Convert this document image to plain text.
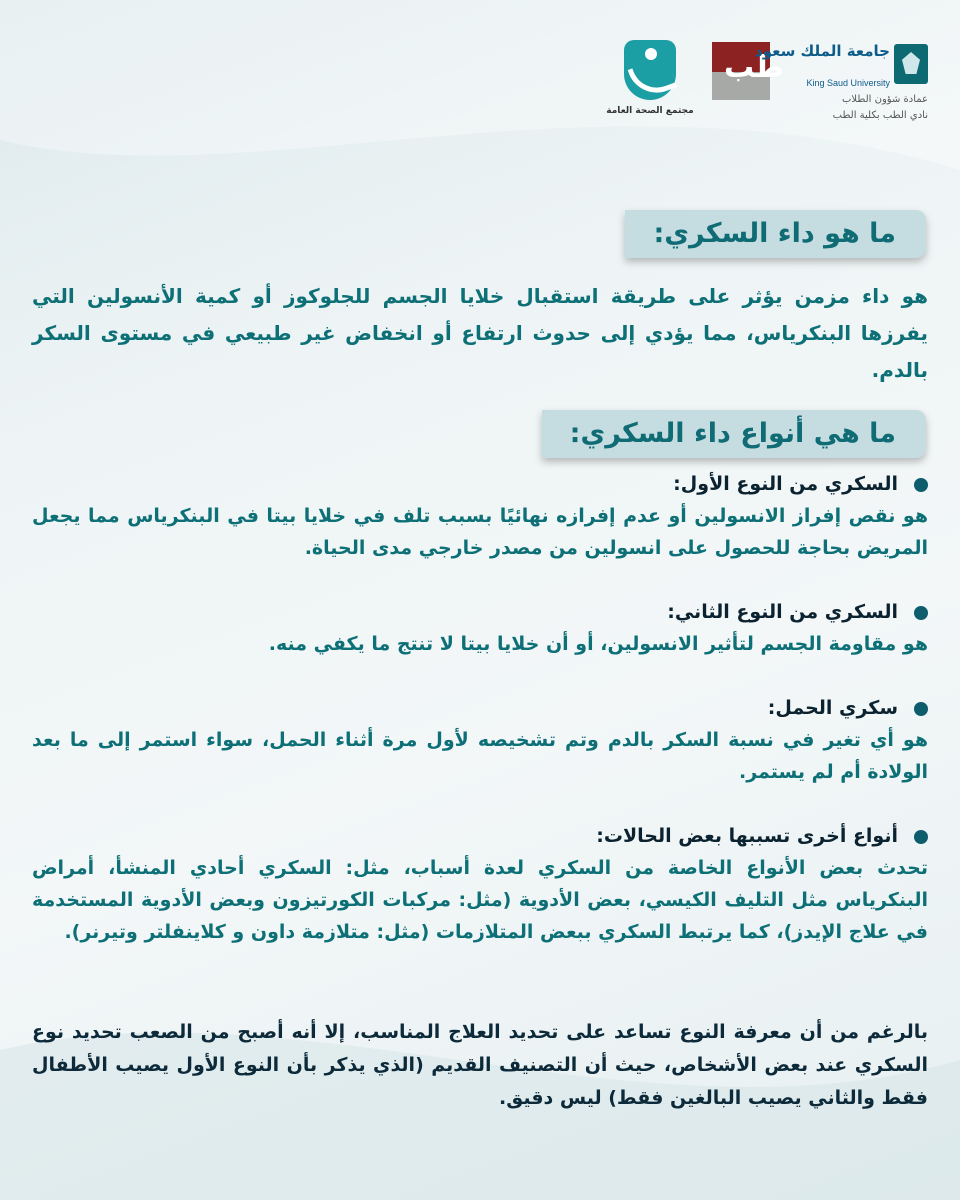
مجتمع الصحة العامة
طب
جامعة الملك سعود
King Saud University
عمادة شؤون الطلاب
نادي الطب بكلية الطب
ما هو داء السكري:
هو داء مزمن يؤثر على طريقة استقبال خلايا الجسم للجلوكوز أو كمية الأنسولين التي يفرزها البنكرياس، مما يؤدي إلى حدوث ارتفاع أو انخفاض غير طبيعي في مستوى السكر بالدم.
ما هي أنواع داء السكري:
السكري من النوع الأول:
هو نقص إفراز الانسولين أو عدم إفرازه نهائيًا بسبب تلف في خلايا بيتا في البنكرياس مما يجعل المريض بحاجة للحصول على انسولين من مصدر خارجي مدى الحياة.
السكري من النوع الثاني:
هو مقاومة الجسم لتأثير الانسولين، أو أن خلايا بيتا لا تنتج ما يكفي منه.
سكري الحمل:
هو أي تغير في نسبة السكر بالدم وتم تشخيصه لأول مرة أثناء الحمل، سواء استمر إلى ما بعد الولادة أم لم يستمر.
أنواع أخرى تسببها بعض الحالات:
تحدث بعض الأنواع الخاصة من السكري لعدة أسباب، مثل: السكري أحادي المنشأ، أمراض البنكرياس مثل التليف الكيسي، بعض الأدوية (مثل: مركبات الكورتيزون وبعض الأدوية المستخدمة في علاج الإيدز)، كما يرتبط السكري ببعض المتلازمات (مثل: متلازمة داون و كلاينفلتر وتيرنر).
بالرغم من أن معرفة النوع تساعد على تحديد العلاج المناسب، إلا أنه أصبح من الصعب تحديد نوع السكري عند بعض الأشخاص، حيث أن التصنيف القديم (الذي يذكر بأن النوع الأول يصيب الأطفال فقط والثاني يصيب البالغين فقط) ليس دقيق.
